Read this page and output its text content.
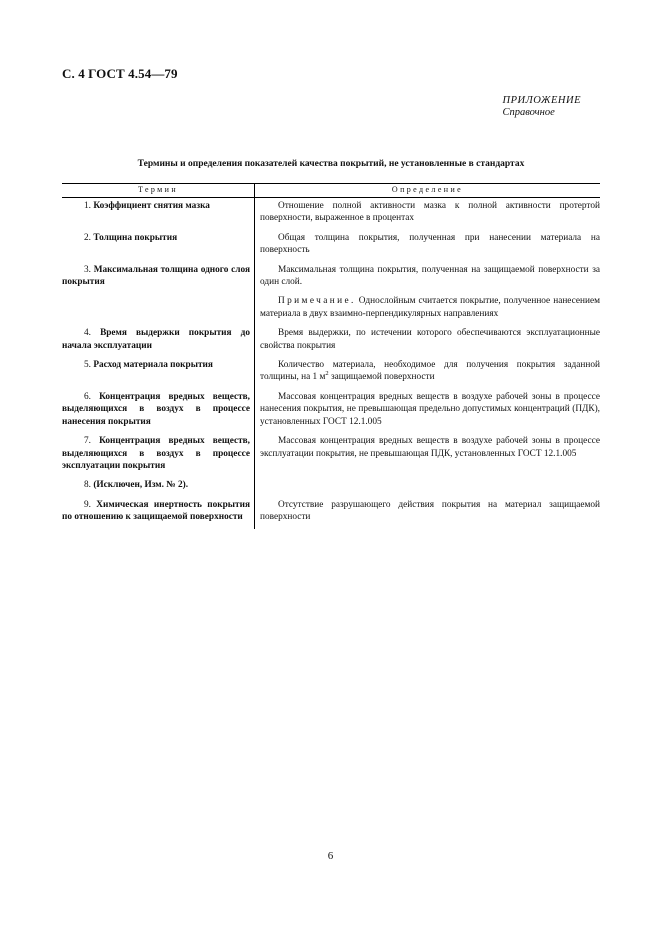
С. 4 ГОСТ 4.54—79
ПРИЛОЖЕНИЕ
Справочное
Термины и определения показателей качества покрытий, не установленные в стандартах
Термин	Определение
1. Коэффициент снятия мазка	Отношение полной активности мазка к полной активности протертой поверхности, выраженное в процентах
2. Толщина покрытия	Общая толщина покрытия, полученная при нанесении материала на поверхность
3. Максимальная толщина одного слоя покрытия	Максимальная толщина покрытия, полученная на защищаемой поверхности за один слой.
	Примечание. Однослойным считается покрытие, полученное нанесением материала в двух взаимно-перпендикулярных направлениях
4. Время выдержки покрытия до начала эксплуатации	Время выдержки, по истечении которого обеспечиваются эксплуатационные свойства покрытия
5. Расход материала покрытия	Количество материала, необходимое для получения покрытия заданной толщины, на 1 $м^2$ защищаемой поверхности
6. Концентрация вредных веществ, выделяющихся в воздух в процессе нанесения покрытия	Массовая концентрация вредных веществ в воздухе рабочей зоны в процессе нанесения покрытия, не превышающая предельно допустимых концентраций (ПДК), установленных ГОСТ 12.1.005
7. Концентрация вредных веществ, выделяющихся в воздух в процессе эксплуатации покрытия	Массовая концентрация вредных веществ в воздухе рабочей зоны в процессе эксплуатации покрытия, не превышающая ПДК, установленных ГОСТ 12.1.005
8. (Исключен, Изм. № 2).	
9. Химическая инертность покрытия по отношению к защищаемой поверхности	Отсутствие разрушающего действия покрытия на материал защищаемой поверхности
6
